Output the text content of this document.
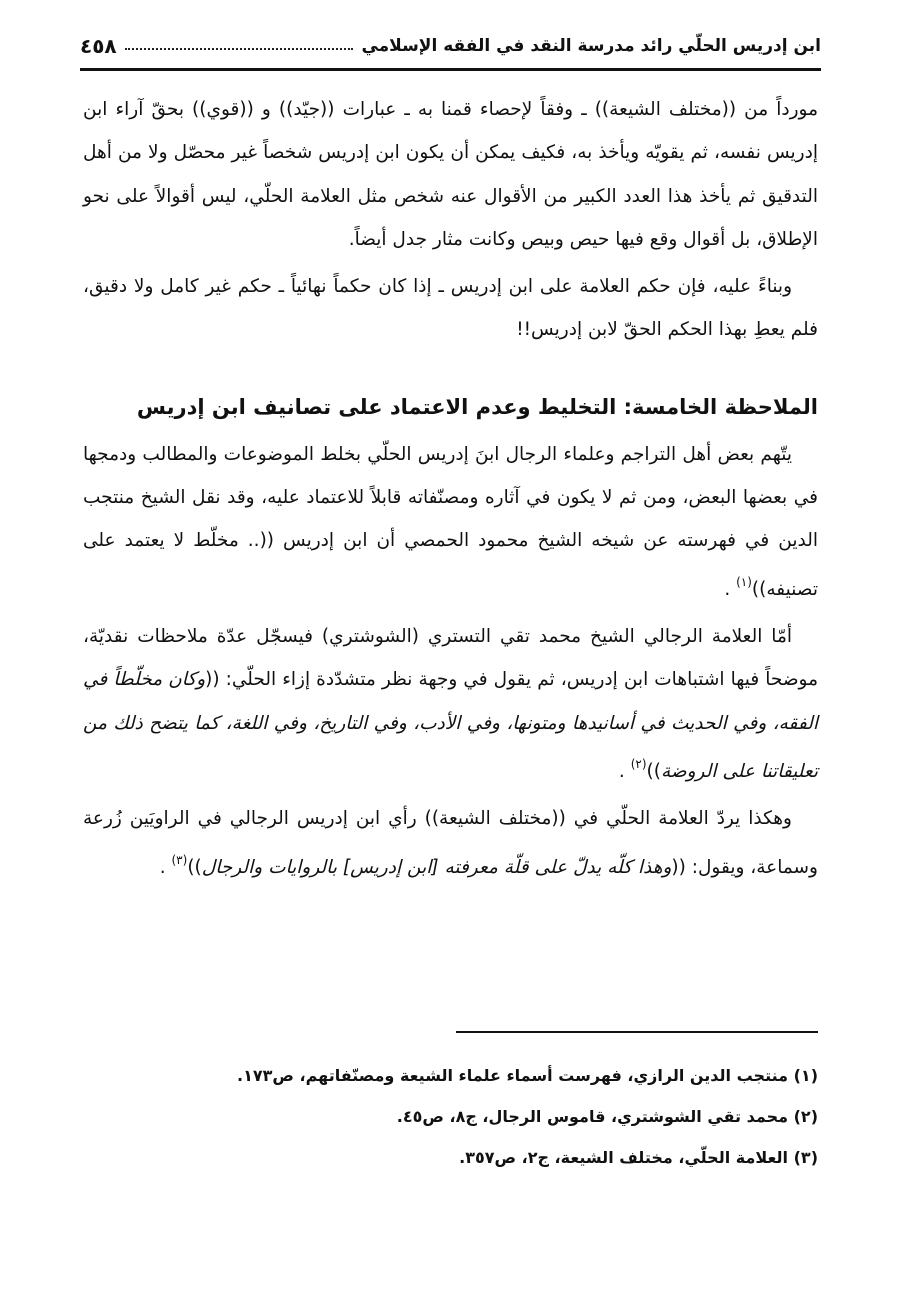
ابن إدريس الحلّي رائد مدرسة النقد في الفقه الإسلامي
٤٥٨

مورداً من ((مختلف الشيعة)) ـ وفقاً لإحصاء قمنا به ـ عبارات ((جيّد)) و ((قوي)) بحقّ آراء ابن إدريس نفسه، ثم يقويّه ويأخذ به، فكيف يمكن أن يكون ابن إدريس شخصاً غير محصّل ولا من أهل التدقيق ثم يأخذ هذا العدد الكبير من الأقوال عنه شخص مثل العلامة الحلّي، ليس أقوالاً على نحو الإطلاق، بل أقوال وقع فيها حيص وبيص وكانت مثار جدل أيضاً.

وبناءً عليه، فإن حكم العلامة على ابن إدريس ـ إذا كان حكماً نهائياً ـ حكم غير كامل ولا دقيق، فلم يعطِ بهذا الحكم الحقّ لابن إدريس!!

الملاحظة الخامسة: التخليط وعدم الاعتماد على تصانيف ابن إدريس

يتّهم بعض أهل التراجم وعلماء الرجال ابنَ إدريس الحلّي بخلط الموضوعات والمطالب ودمجها في بعضها البعض، ومن ثم لا يكون في آثاره ومصنّفاته قابلاً للاعتماد عليه، وقد نقل الشيخ منتجب الدين في فهرسته عن شيخه الشيخ محمود الحمصي أن ابن إدريس ((.. مخلّط لا يعتمد على تصنيفه))$^{(١)}$ .

أمّا العلامة الرجالي الشيخ محمد تقي التستري (الشوشتري) فيسجّل عدّة ملاحظات نقديّة، موضحاً فيها اشتباهات ابن إدريس، ثم يقول في وجهة نظر متشدّدة إزاء الحلّي: ((وكان مخلّطاً في الفقه، وفي الحديث في أسانيدها ومتونها، وفي الأدب، وفي التاريخ، وفي اللغة، كما يتضح ذلك من تعليقاتنا على الروضة))$^{(٢)}$ .

وهكذا يردّ العلامة الحلّي في ((مختلف الشيعة)) رأي ابن إدريس الرجالي في الراويَين زُرعة وسماعة، ويقول: ((وهذا كلّه يدلّ على قلّة معرفته [ابن إدريس] بالروايات والرجال))$^{(٣)}$ .

(١) منتجب الدين الرازي، فهرست أسماء علماء الشيعة ومصنّفاتهم، ص١٧٣.

(٢) محمد تقي الشوشتري، قاموس الرجال، ج٨، ص٤٥.

(٣) العلامة الحلّي، مختلف الشيعة، ج٢، ص٣٥٧.
